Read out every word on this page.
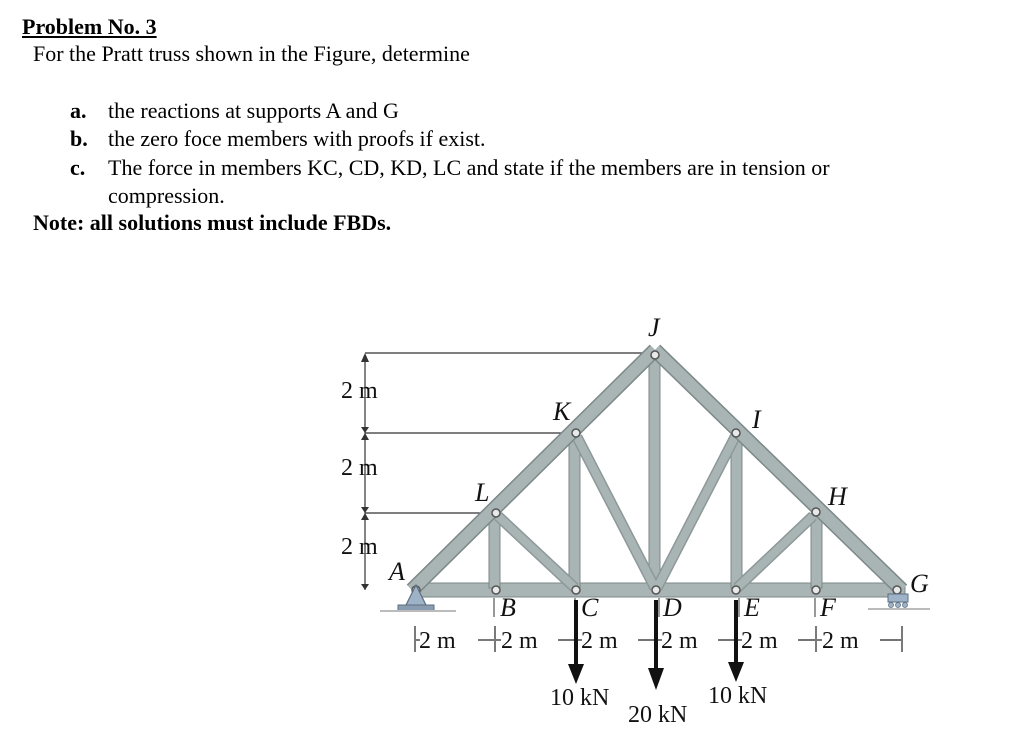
Problem No. 3
For the Pratt truss shown in the Figure, determine
a. the reactions at supports A and G
b. the zero foce members with proofs if exist.
c. The force in members KC, CD, KD, LC and state if the members are in tension or
compression.
Note: all solutions must include FBDs.
2 m
2 m
2 m
J
K	I
L	H
A	G
B	C D E F
2 m 2 m 2 m 2 m 2 m 2 m
10 kN
20 kN
10 kN
